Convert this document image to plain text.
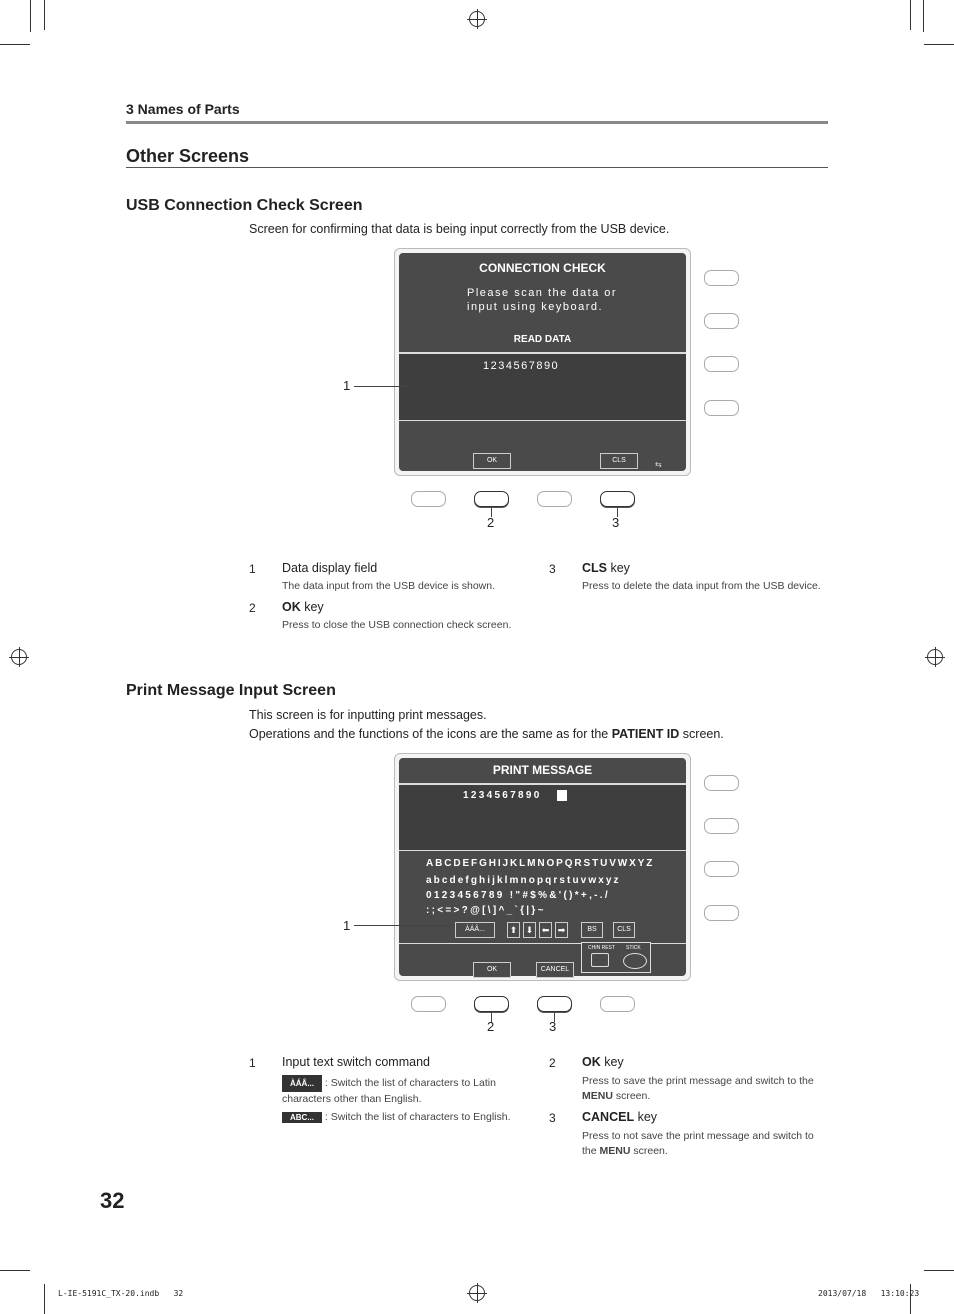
3 Names of Parts
Other Screens
USB Connection Check Screen
Screen for confirming that data is being input correctly from the USB device.
CONNECTION CHECK
Please scan the data or
input using keyboard.
READ DATA
1234567890
OK	CLS	⇆
1
2	3
1 Data display field
The data input from the USB device is shown.
2 OK key
Press to close the USB connection check screen.
3 CLS key
Press to delete the data input from the USB device.
Print Message Input Screen
This screen is for inputting print messages.
Operations and the functions of the icons are the same as for the PATIENT ID screen.
PRINT MESSAGE
1234567890
ABCDEFGHIJKLMNOPQRSTUVWXYZ
abcdefghijklmnopqrstuvwxyz
0123456789 !"#$%&'()*+,-./
:;<=>?@[\]^_`{|}~
ÀÁÂ...	⬆ ⬇ ⬅ ➡	BS	CLS
CHIN REST STICK
OK	CANCEL
1
2	3
1 Input text switch command
ÀÁÂ... : Switch the list of characters to Latin characters other than English.
ABC... : Switch the list of characters to English.
2 OK key
Press to save the print message and switch to the MENU screen.
3 CANCEL key
Press to not save the print message and switch to the MENU screen.
32
L-IE-5191C_TX-20.indb   32	2013/07/18   13:10:23
